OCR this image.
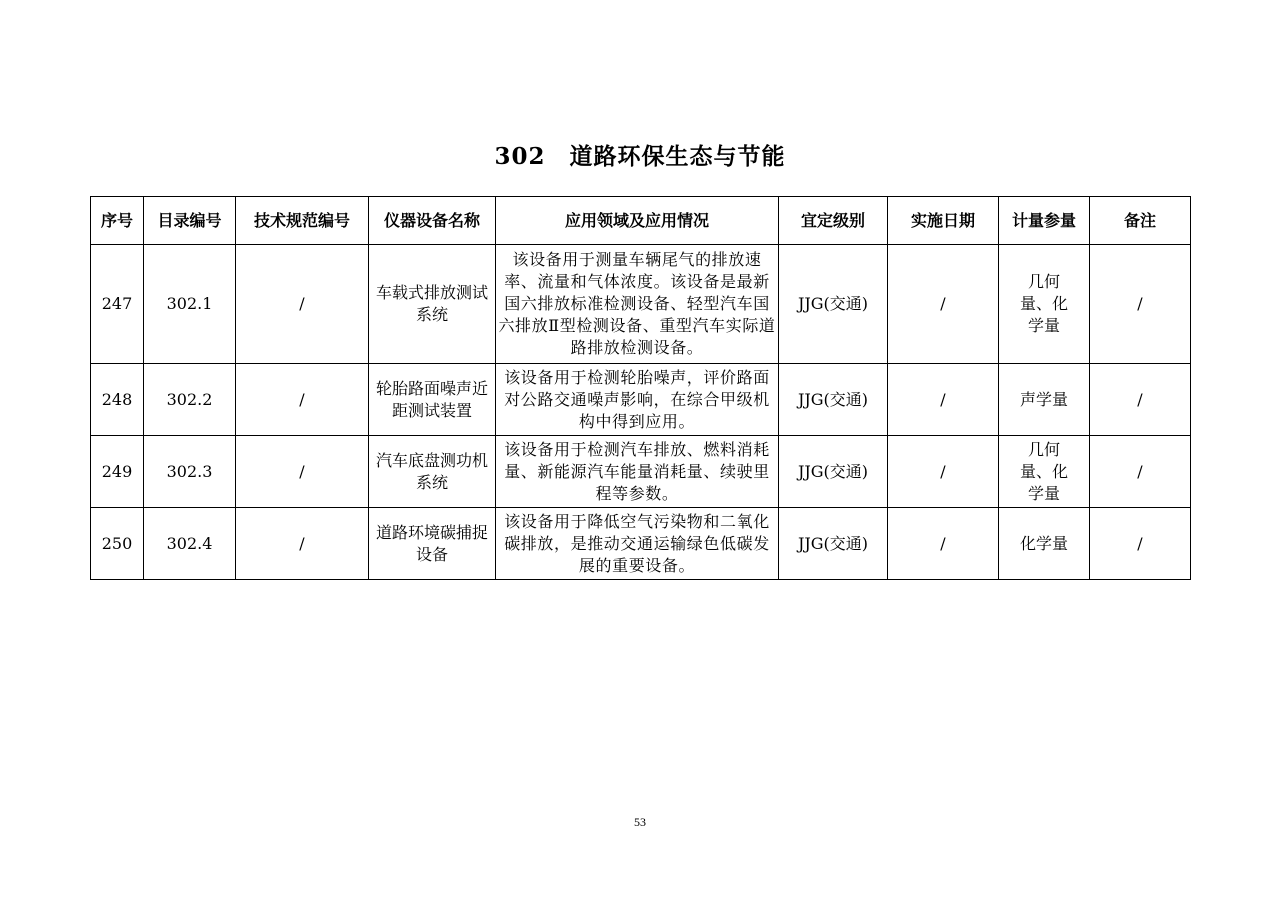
302　道路环保生态与节能
序号	目录编号	技术规范编号	仪器设备名称	应用领域及应用情况	宜定级别	实施日期	计量参量	备注
247	302.1	/	车载式排放测试系统	该设备用于测量车辆尾气的排放速率、流量和气体浓度。该设备是最新国六排放标准检测设备、轻型汽车国六排放Ⅱ型检测设备、重型汽车实际道路排放检测设备。	JJG(交通)	/	几何量、化学量	/
248	302.2	/	轮胎路面噪声近距测试装置	该设备用于检测轮胎噪声，评价路面对公路交通噪声影响，在综合甲级机构中得到应用。	JJG(交通)	/	声学量	/
249	302.3	/	汽车底盘测功机系统	该设备用于检测汽车排放、燃料消耗量、新能源汽车能量消耗量、续驶里程等参数。	JJG(交通)	/	几何量、化学量	/
250	302.4	/	道路环境碳捕捉设备	该设备用于降低空气污染物和二氧化碳排放，是推动交通运输绿色低碳发展的重要设备。	JJG(交通)	/	化学量	/
53
